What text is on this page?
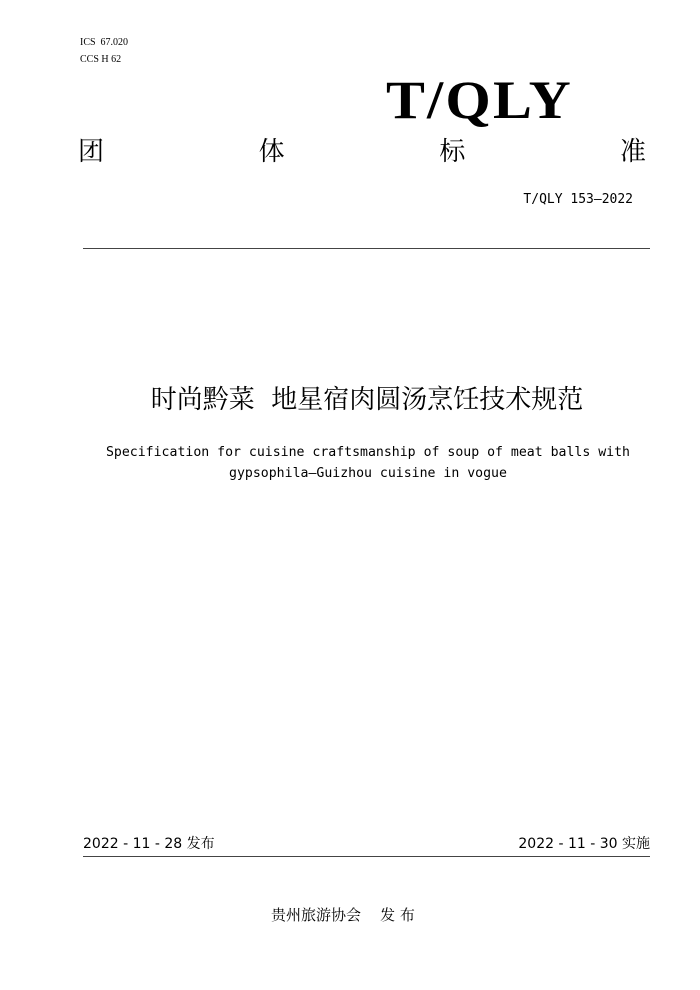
ICS  67.020
CCS H 62
T/QLY
团	体	标	准
T/QLY 153—2022
时尚黔菜  地星宿肉圆汤烹饪技术规范
Specification for cuisine craftsmanship of soup of meat balls with
gypsophila—Guizhou cuisine in vogue
2022 - 11 - 28 发布	2022 - 11 - 30 实施
贵州旅游协会    发 布
